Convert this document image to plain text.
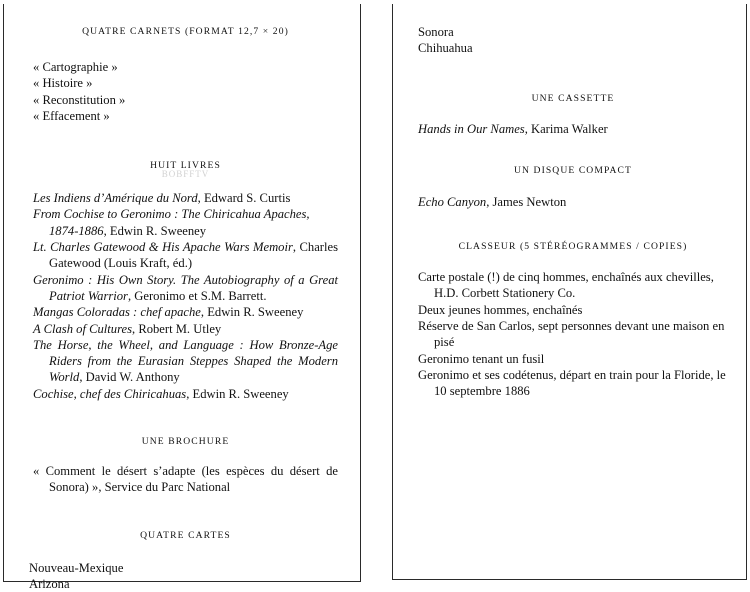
QUATRE CARNETS (FORMAT 12,7 × 20)

« Cartographie »
« Histoire »
« Reconstitution »
« Effacement »

HUIT LIVRES

BOBFFTV
Les Indiens d’Amérique du Nord, Edward S. Curtis
From Cochise to Geronimo : The Chiricahua Apaches, 1874-1886, Edwin R. Sweeney
Lt. Charles Gatewood & His Apache Wars Memoir, Charles Gatewood (Louis Kraft, éd.)
Geronimo : His Own Story. The Autobiography of a Great Patriot Warrior, Geronimo et S.M. Barrett.
Mangas Coloradas : chef apache, Edwin R. Sweeney
A Clash of Cultures, Robert M. Utley
The Horse, the Wheel, and Language : How Bronze-Age Riders from the Eurasian Steppes Shaped the Modern World, David W. Anthony
Cochise, chef des Chiricahuas, Edwin R. Sweeney

UNE BROCHURE

« Comment le désert s’adapte (les espèces du désert de Sonora) », Service du Parc National

QUATRE CARTES

Nouveau-Mexique
Arizona
Sonora
Chihuahua

UNE CASSETTE

Hands in Our Names, Karima Walker

UN DISQUE COMPACT

Echo Canyon, James Newton

CLASSEUR (5 STÉRÉOGRAMMES / COPIES)

Carte postale (!) de cinq hommes, enchaînés aux chevilles, H.D. Corbett Stationery Co.
Deux jeunes hommes, enchaînés
Réserve de San Carlos, sept personnes devant une maison en pisé
Geronimo tenant un fusil
Geronimo et ses codétenus, départ en train pour la Floride, le 10 septembre 1886
